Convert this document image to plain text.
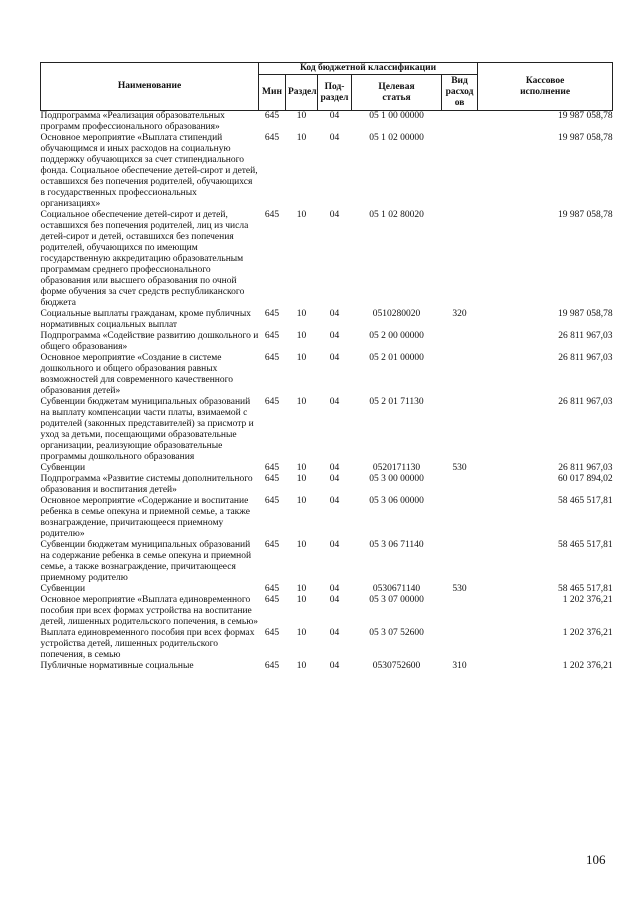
Наименование	Код бюджетной классификации					Кассовое
исполнение
	Мин	Раздел	Под-
раздел	Целевая
статья	Вид
расход
ов	
Подпрограмма «Реализация образовательных программ профессионального образования»	645	10	04	05 1 00 00000		19 987 058,78
Основное мероприятие «Выплата стипендий обучающимся и иных расходов на социальную поддержку обучающихся за счет стипендиального фонда. Социальное обеспечение детей-сирот и детей, оставшихся без попечения родителей, обучающихся в государственных профессиональных организациях»	645	10	04	05 1 02 00000		19 987 058,78
Социальное обеспечение детей-сирот и детей, оставшихся без попечения родителей, лиц из числа детей-сирот и детей, оставшихся без попечения родителей, обучающихся по имеющим государственную аккредитацию образовательным программам среднего профессионального образования или высшего образования по очной форме обучения за счет средств республиканского бюджета	645	10	04	05 1 02 80020		19 987 058,78
Социальные выплаты гражданам, кроме публичных нормативных социальных выплат	645	10	04	0510280020	320	19 987 058,78
Подпрограмма «Содействие развитию дошкольного и общего образования»	645	10	04	05 2 00 00000		26 811 967,03
Основное мероприятие «Создание в системе дошкольного и общего образования равных возможностей для современного качественного образования детей»	645	10	04	05 2 01 00000		26 811 967,03
Субвенции бюджетам муниципальных образований на выплату компенсации части платы, взимаемой с родителей (законных представителей) за присмотр и уход за детьми, посещающими образовательные организации, реализующие образовательные программы дошкольного образования	645	10	04	05 2 01 71130		26 811 967,03
Субвенции	645	10	04	0520171130	530	26 811 967,03
Подпрограмма «Развитие системы дополнительного образования и воспитания детей»	645	10	04	05 3 00 00000		60 017 894,02
Основное мероприятие «Содержание и воспитание ребенка в семье опекуна и приемной семье, а также вознаграждение, причитающееся приемному родителю»	645	10	04	05 3 06 00000		58 465 517,81
Субвенции бюджетам муниципальных образований на содержание ребенка в семье опекуна и приемной семье, а также вознаграждение, причитающееся приемному родителю	645	10	04	05 3 06 71140		58 465 517,81
Субвенции	645	10	04	0530671140	530	58 465 517,81
Основное мероприятие «Выплата единовременного пособия при всех формах устройства на воспитание детей, лишенных родительского попечения, в семью»	645	10	04	05 3 07 00000		1 202 376,21
Выплата единовременного пособия при всех формах устройства детей, лишенных родительского попечения, в семью	645	10	04	05 3 07 52600		1 202 376,21
Публичные нормативные социальные	645	10	04	0530752600	310	1 202 376,21
106
